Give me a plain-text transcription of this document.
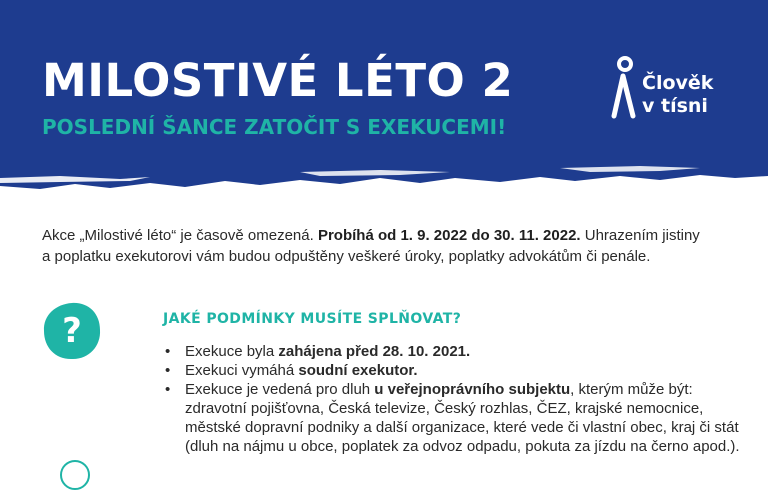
MILOSTIVÉ LÉTO 2
POSLEDNÍ ŠANCE ZATOČIT S EXEKUCEMI!
Člověk
v tísni

Akce „Milostivé léto“ je časově omezená. Probíhá od 1. 9. 2022 do 30. 11. 2022. Uhrazením jistiny
a poplatku exekutorovi vám budou odpuštěny veškeré úroky, poplatky advokátům či penále.

?	JAKÉ PODMÍNKY MUSÍTE SPLŇOVAT?
• Exekuce byla zahájena před 28. 10. 2021.
• Exekuci vymáhá soudní exekutor.
• Exekuce je vedená pro dluh u veřejnoprávního subjektu, kterým může být:
zdravotní pojišťovna, Česká televize, Český rozhlas, ČEZ, krajské nemocnice,
městské dopravní podniky a další organizace, které vede či vlastní obec, kraj či stát
(dluh na nájmu u obce, poplatek za odvoz odpadu, pokuta za jízdu na černo apod.).
